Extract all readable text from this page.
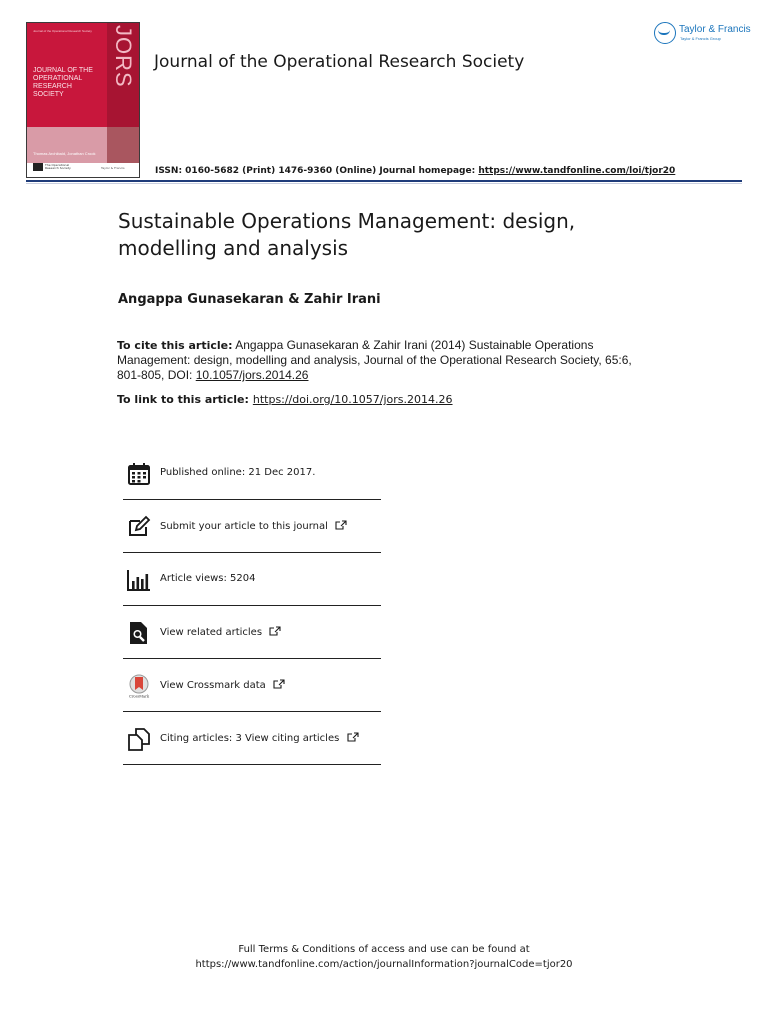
JORS
Journal of the Operational Research Society
JOURNAL OF THE
OPERATIONAL
RESEARCH
SOCIETY
Thomas Archibald, Jonathan Crook
The Operational Research Society	Taylor & Francis
Journal of the Operational Research Society
Taylor & Francis
Taylor & Francis Group
ISSN: 0160-5682 (Print) 1476-9360 (Online) Journal homepage: https://www.tandfonline.com/loi/tjor20
Sustainable Operations Management: design, modelling and analysis
Angappa Gunasekaran & Zahir Irani
To cite this article: Angappa Gunasekaran & Zahir Irani (2014) Sustainable Operations Management: design, modelling and analysis, Journal of the Operational Research Society, 65:6, 801-805, DOI: 10.1057/jors.2014.26
To link to this article: https://doi.org/10.1057/jors.2014.26
Published online: 21 Dec 2017.
Submit your article to this journal
Article views: 5204
View related articles
CrossMark
View Crossmark data
Citing articles: 3 View citing articles
Full Terms & Conditions of access and use can be found at
https://www.tandfonline.com/action/journalInformation?journalCode=tjor20
